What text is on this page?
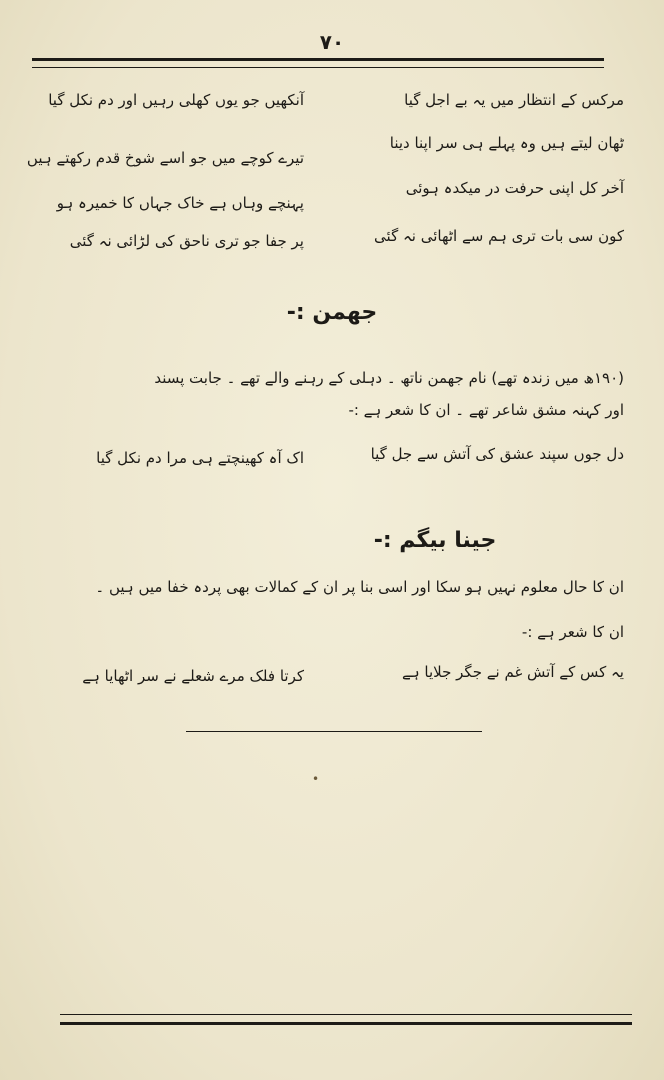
۷۰
مرکس کے انتظار میں یہ بے اجل گیا
آنکھیں جو یوں کھلی رہیں اور دم نکل گیا
ٹھان لیتے ہیں وہ پہلے ہی سر اپنا دینا
تیرے کوچے میں جو اسے شوخ قدم رکھتے ہیں
آخر کل اپنی حرفت در میکدہ ہوئی
پہنچے وہاں ہے خاک جہاں کا خمیرہ ہو
کون سی بات تری ہم سے اٹھائی نہ گئی
پر جفا جو تری ناحق کی لڑائی نہ گئی
جھمن :-
(۱۹۰ھ میں زندہ تھے) نام جھمن ناتھ ۔ دہلی کے رہنے والے تھے ۔ جابت پسند
اور کہنہ مشق شاعر تھے ۔ ان کا شعر ہے :-
دل جوں سپند عشق کی آتش سے جل گیا
اک آہ کھینچتے ہی مرا دم نکل گیا
جینا بیگم :-
ان کا حال معلوم نہیں ہو سکا اور اسی بنا پر ان کے کمالات بھی پردہ خفا میں ہیں ۔
ان کا شعر ہے :-
یہ کس کے آتش غم نے جگر جلایا ہے
کرتا فلک مرے شعلے نے سر اٹھایا ہے
•
